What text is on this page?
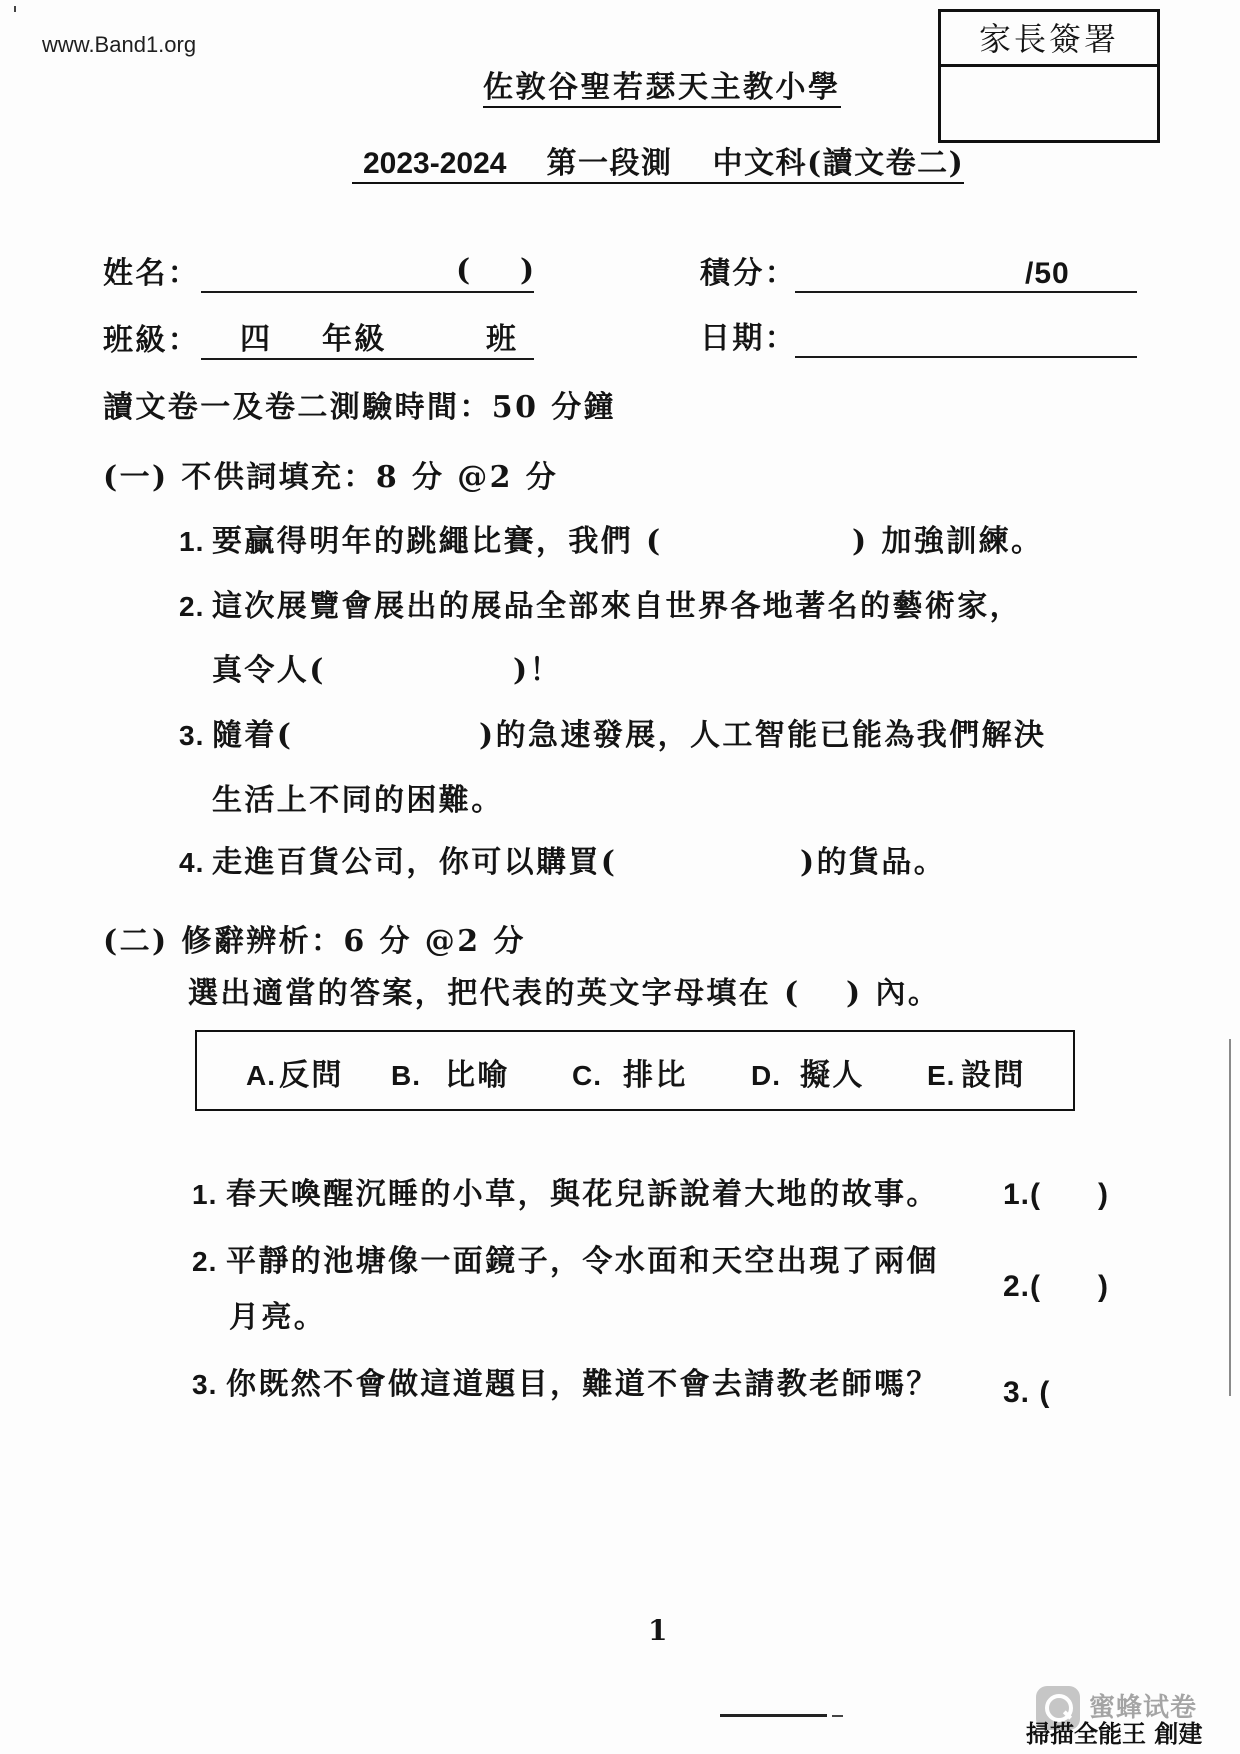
www.Band1.org	家長簽署
佐敦谷聖若瑟天主教小學
2023-2024 第一段測 中文科(讀文卷二)
姓名：	( )	積分：	/50
班級： 四 年級	班	日期：
讀文卷一及卷二測驗時間：50 分鐘
(一) 不供詞填充：8 分 @2 分
1. 要贏得明年的跳繩比賽，我們 (	) 加強訓練。
2. 這次展覽會展出的展品全部來自世界各地著名的藝術家，
真令人(	)！
3. 隨着(	)的急速發展，人工智能已能為我們解決
生活上不同的困難。
4. 走進百貨公司，你可以購買(	)的貨品。
(二) 修辭辨析：6 分 @2 分
選出適當的答案，把代表的英文字母填在 ( ) 內。
A. 反問 B. 比喻 C. 排比 D. 擬人 E. 設問
1. 春天喚醒沉睡的小草，與花兒訴說着大地的故事。 1.( )
2. 平靜的池塘像一面鏡子，令水面和天空出現了兩個
月亮。
2.( )
3. 你既然不會做這道題目，難道不會去請教老師嗎？ 3. (
1
蜜蜂试卷
掃描全能王 創建
